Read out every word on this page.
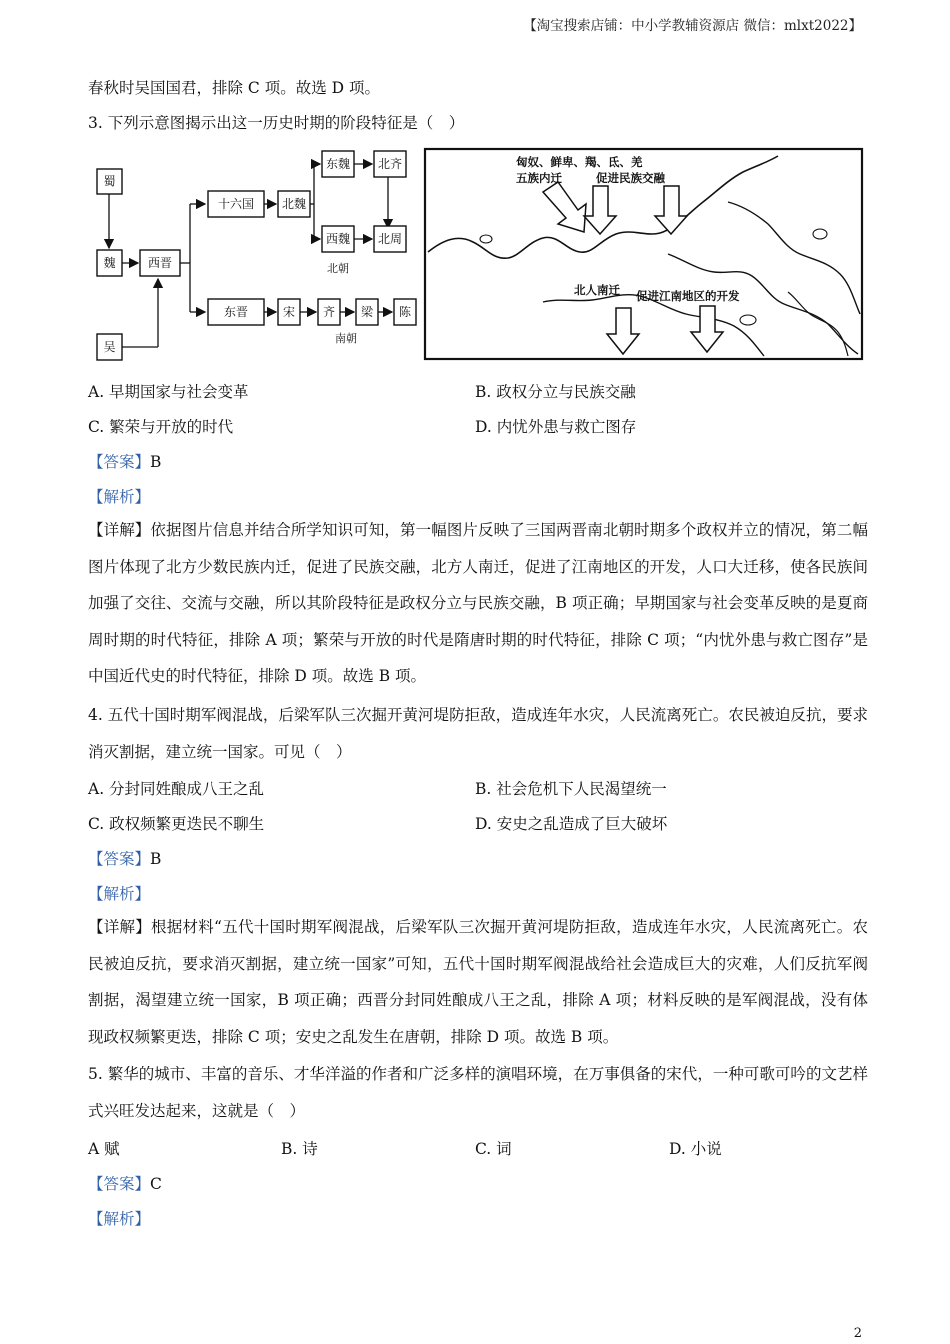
【淘宝搜索店铺：中小学教辅资源店 微信：mlxt2022】
春秋时吴国国君，排除 C 项。故选 D 项。
3. 下列示意图揭示出这一历史时期的阶段特征是（　）
蜀
魏
吴
西晋
十六国 北魏
东魏 北齐
西魏 北周
东晋	宋 齐 梁 陈
北朝
南朝
匈奴、鲜卑、羯、氐、羌
五族内迁	促进民族交融
北人南迁 促进江南地区的开发
A. 早期国家与社会变革	B. 政权分立与民族交融
C. 繁荣与开放的时代	D. 内忧外患与救亡图存
【答案】B
【解析】
【详解】依据图片信息并结合所学知识可知，第一幅图片反映了三国两晋南北朝时期多个政权并立的情况，第二幅图片体现了北方少数民族内迁，促进了民族交融，北方人南迁，促进了江南地区的开发，人口大迁移，使各民族间加强了交往、交流与交融，所以其阶段特征是政权分立与民族交融，B 项正确；早期国家与社会变革反映的是夏商周时期的时代特征，排除 A 项；繁荣与开放的时代是隋唐时期的时代特征，排除 C 项；“内忧外患与救亡图存”是中国近代史的时代特征，排除 D 项。故选 B 项。
4. 五代十国时期军阀混战，后梁军队三次掘开黄河堤防拒敌，造成连年水灾，人民流离死亡。农民被迫反抗，要求消灭割据，建立统一国家。可见（　）
A. 分封同姓酿成八王之乱	B. 社会危机下人民渴望统一
C. 政权频繁更迭民不聊生	D. 安史之乱造成了巨大破坏
【答案】B
【解析】
【详解】根据材料“五代十国时期军阀混战，后梁军队三次掘开黄河堤防拒敌，造成连年水灾，人民流离死亡。农民被迫反抗，要求消灭割据，建立统一国家”可知，五代十国时期军阀混战给社会造成巨大的灾难，人们反抗军阀割据，渴望建立统一国家，B 项正确；西晋分封同姓酿成八王之乱，排除 A 项；材料反映的是军阀混战，没有体现政权频繁更迭，排除 C 项；安史之乱发生在唐朝，排除 D 项。故选 B 项。
5. 繁华的城市、丰富的音乐、才华洋溢的作者和广泛多样的演唱环境，在万事俱备的宋代，一种可歌可吟的文艺样式兴旺发达起来，这就是（　）
A 赋	B. 诗	C. 词	D. 小说
【答案】C
【解析】
2
